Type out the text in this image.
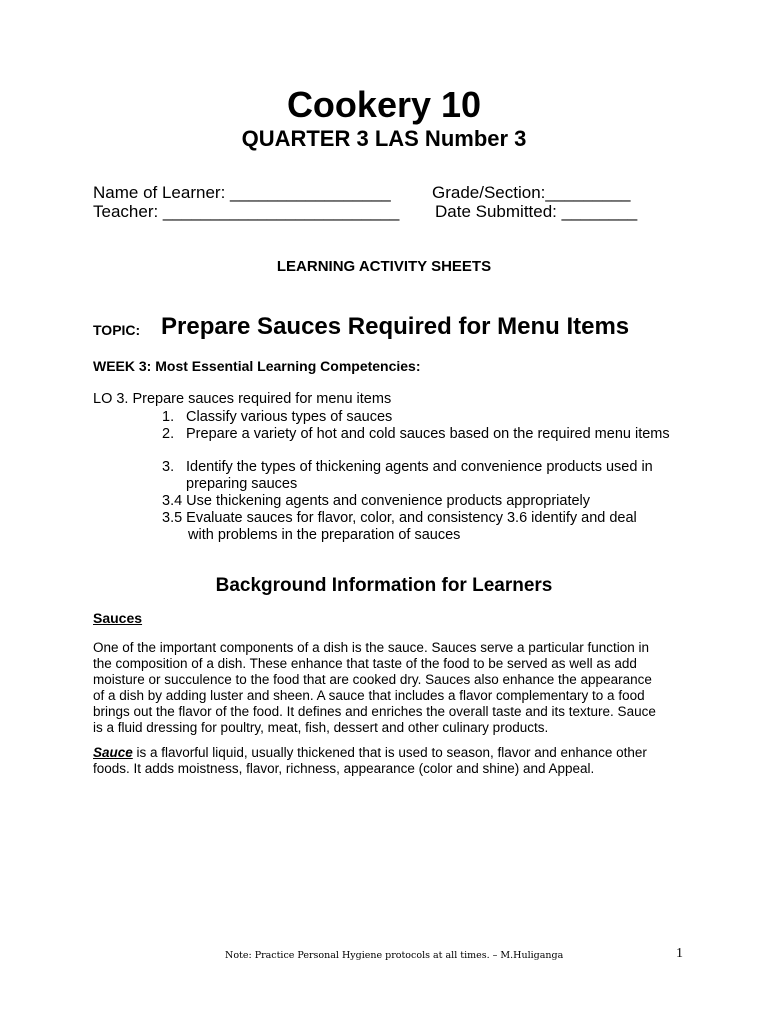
Cookery 10
QUARTER 3 LAS Number 3
Name of Learner: _________________ Grade/Section:_________
Teacher: _________________________ Date Submitted: ________
LEARNING ACTIVITY SHEETS
TOPIC: Prepare Sauces Required for Menu Items
WEEK 3: Most Essential Learning Competencies:
LO 3. Prepare sauces required for menu items
1. Classify various types of sauces
2. Prepare a variety of hot and cold sauces based on the required menu items
3. Identify the types of thickening agents and convenience products used in preparing sauces
3.4 Use thickening agents and convenience products appropriately
3.5 Evaluate sauces for flavor, color, and consistency 3.6 identify and deal
with problems in the preparation of sauces
Background Information for Learners
Sauces
One of the important components of a dish is the sauce. Sauces serve a particular function in
the composition of a dish. These enhance that taste of the food to be served as well as add
moisture or succulence to the food that are cooked dry. Sauces also enhance the appearance
of a dish by adding luster and sheen. A sauce that includes a flavor complementary to a food
brings out the flavor of the food. It defines and enriches the overall taste and its texture. Sauce
is a fluid dressing for poultry, meat, fish, dessert and other culinary products.
Sauce is a flavorful liquid, usually thickened that is used to season, flavor and enhance other
foods. It adds moistness, flavor, richness, appearance (color and shine) and Appeal.
Note: Practice Personal Hygiene protocols at all times. – M.Huliganga	1
